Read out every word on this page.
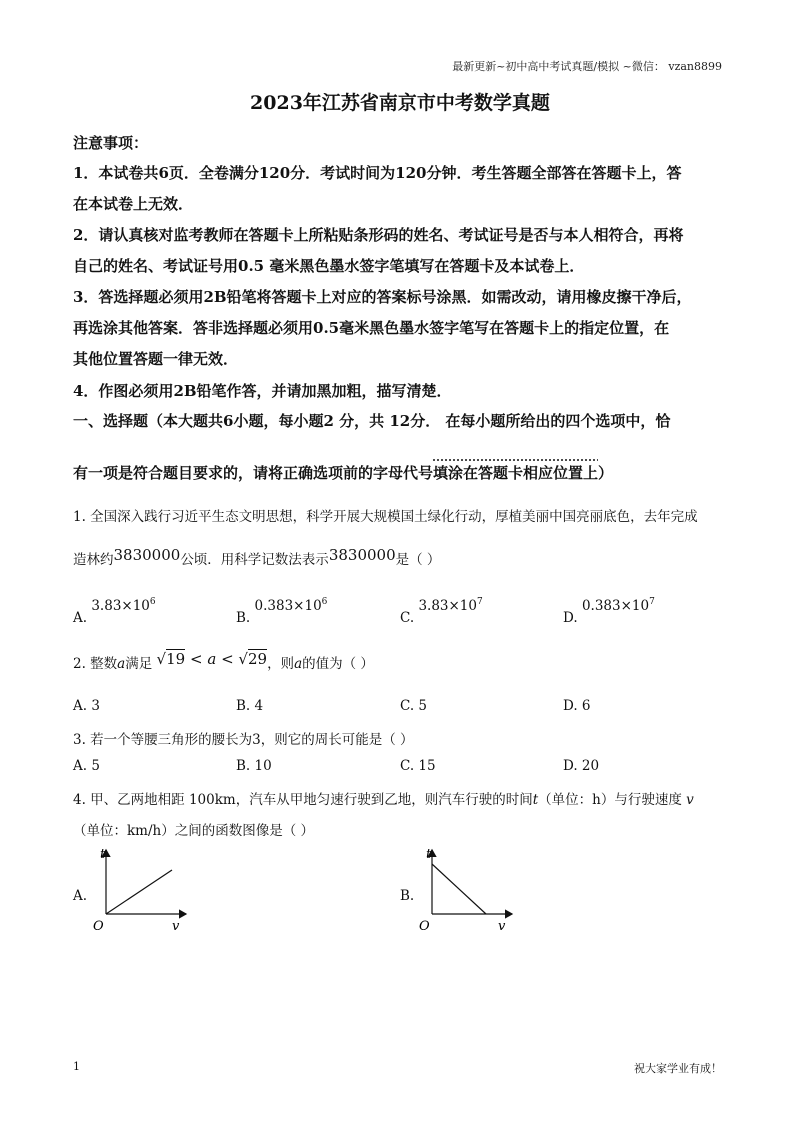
最新更新~初中高中考试真题/模拟 ~微信： vzan8899
2023年江苏省南京市中考数学真题
注意事项：
1．本试卷共6页．全卷满分120分．考试时间为120分钟．考生答题全部答在答题卡上，答
在本试卷上无效．
2．请认真核对监考教师在答题卡上所粘贴条形码的姓名、考试证号是否与本人相符合，再将
自己的姓名、考试证号用0.5 毫米黑色墨水签字笔填写在答题卡及本试卷上．
3．答选择题必须用2B铅笔将答题卡上对应的答案标号涂黑．如需改动，请用橡皮擦干净后，
再选涂其他答案．答非选择题必须用0.5毫米黑色墨水签字笔写在答题卡上的指定位置，在
其他位置答题一律无效．
4．作图必须用2B铅笔作答，并请加黑加粗，描写清楚．
一、选择题（本大题共6小题，每小题2 分，共 12分． 在每小题所给出的四个选项中，恰
有一项是符合题目要求的，请将正确选项前的字母代号填涂在答题卡相应位置上）
1. 全国深入践行习近平生态文明思想，科学开展大规模国土绿化行动，厚植美丽中国亮丽底色，去年完成
造林约3830000公顷．用科学记数法表示3830000是（ ）
A. $3.83\times 10^6$
B. $0.383\times 10^6$
C. $3.83\times 10^7$
D. $0.383\times 10^7$
2. 整数a满足 √19 < a < √29，则a的值为（ ）
A. 3	B. 4	C. 5	D. 6
3. 若一个等腰三角形的腰长为3，则它的周长可能是（ ）
A. 5	B. 10	C. 15	D. 20
4. 甲、乙两地相距 100km，汽车从甲地匀速行驶到乙地，则汽车行驶的时间t（单位：h）与行驶速度 v
（单位：km/h）之间的函数图像是（ ）
A.
t
v
O
B.
t
v
O
1	祝大家学业有成！
